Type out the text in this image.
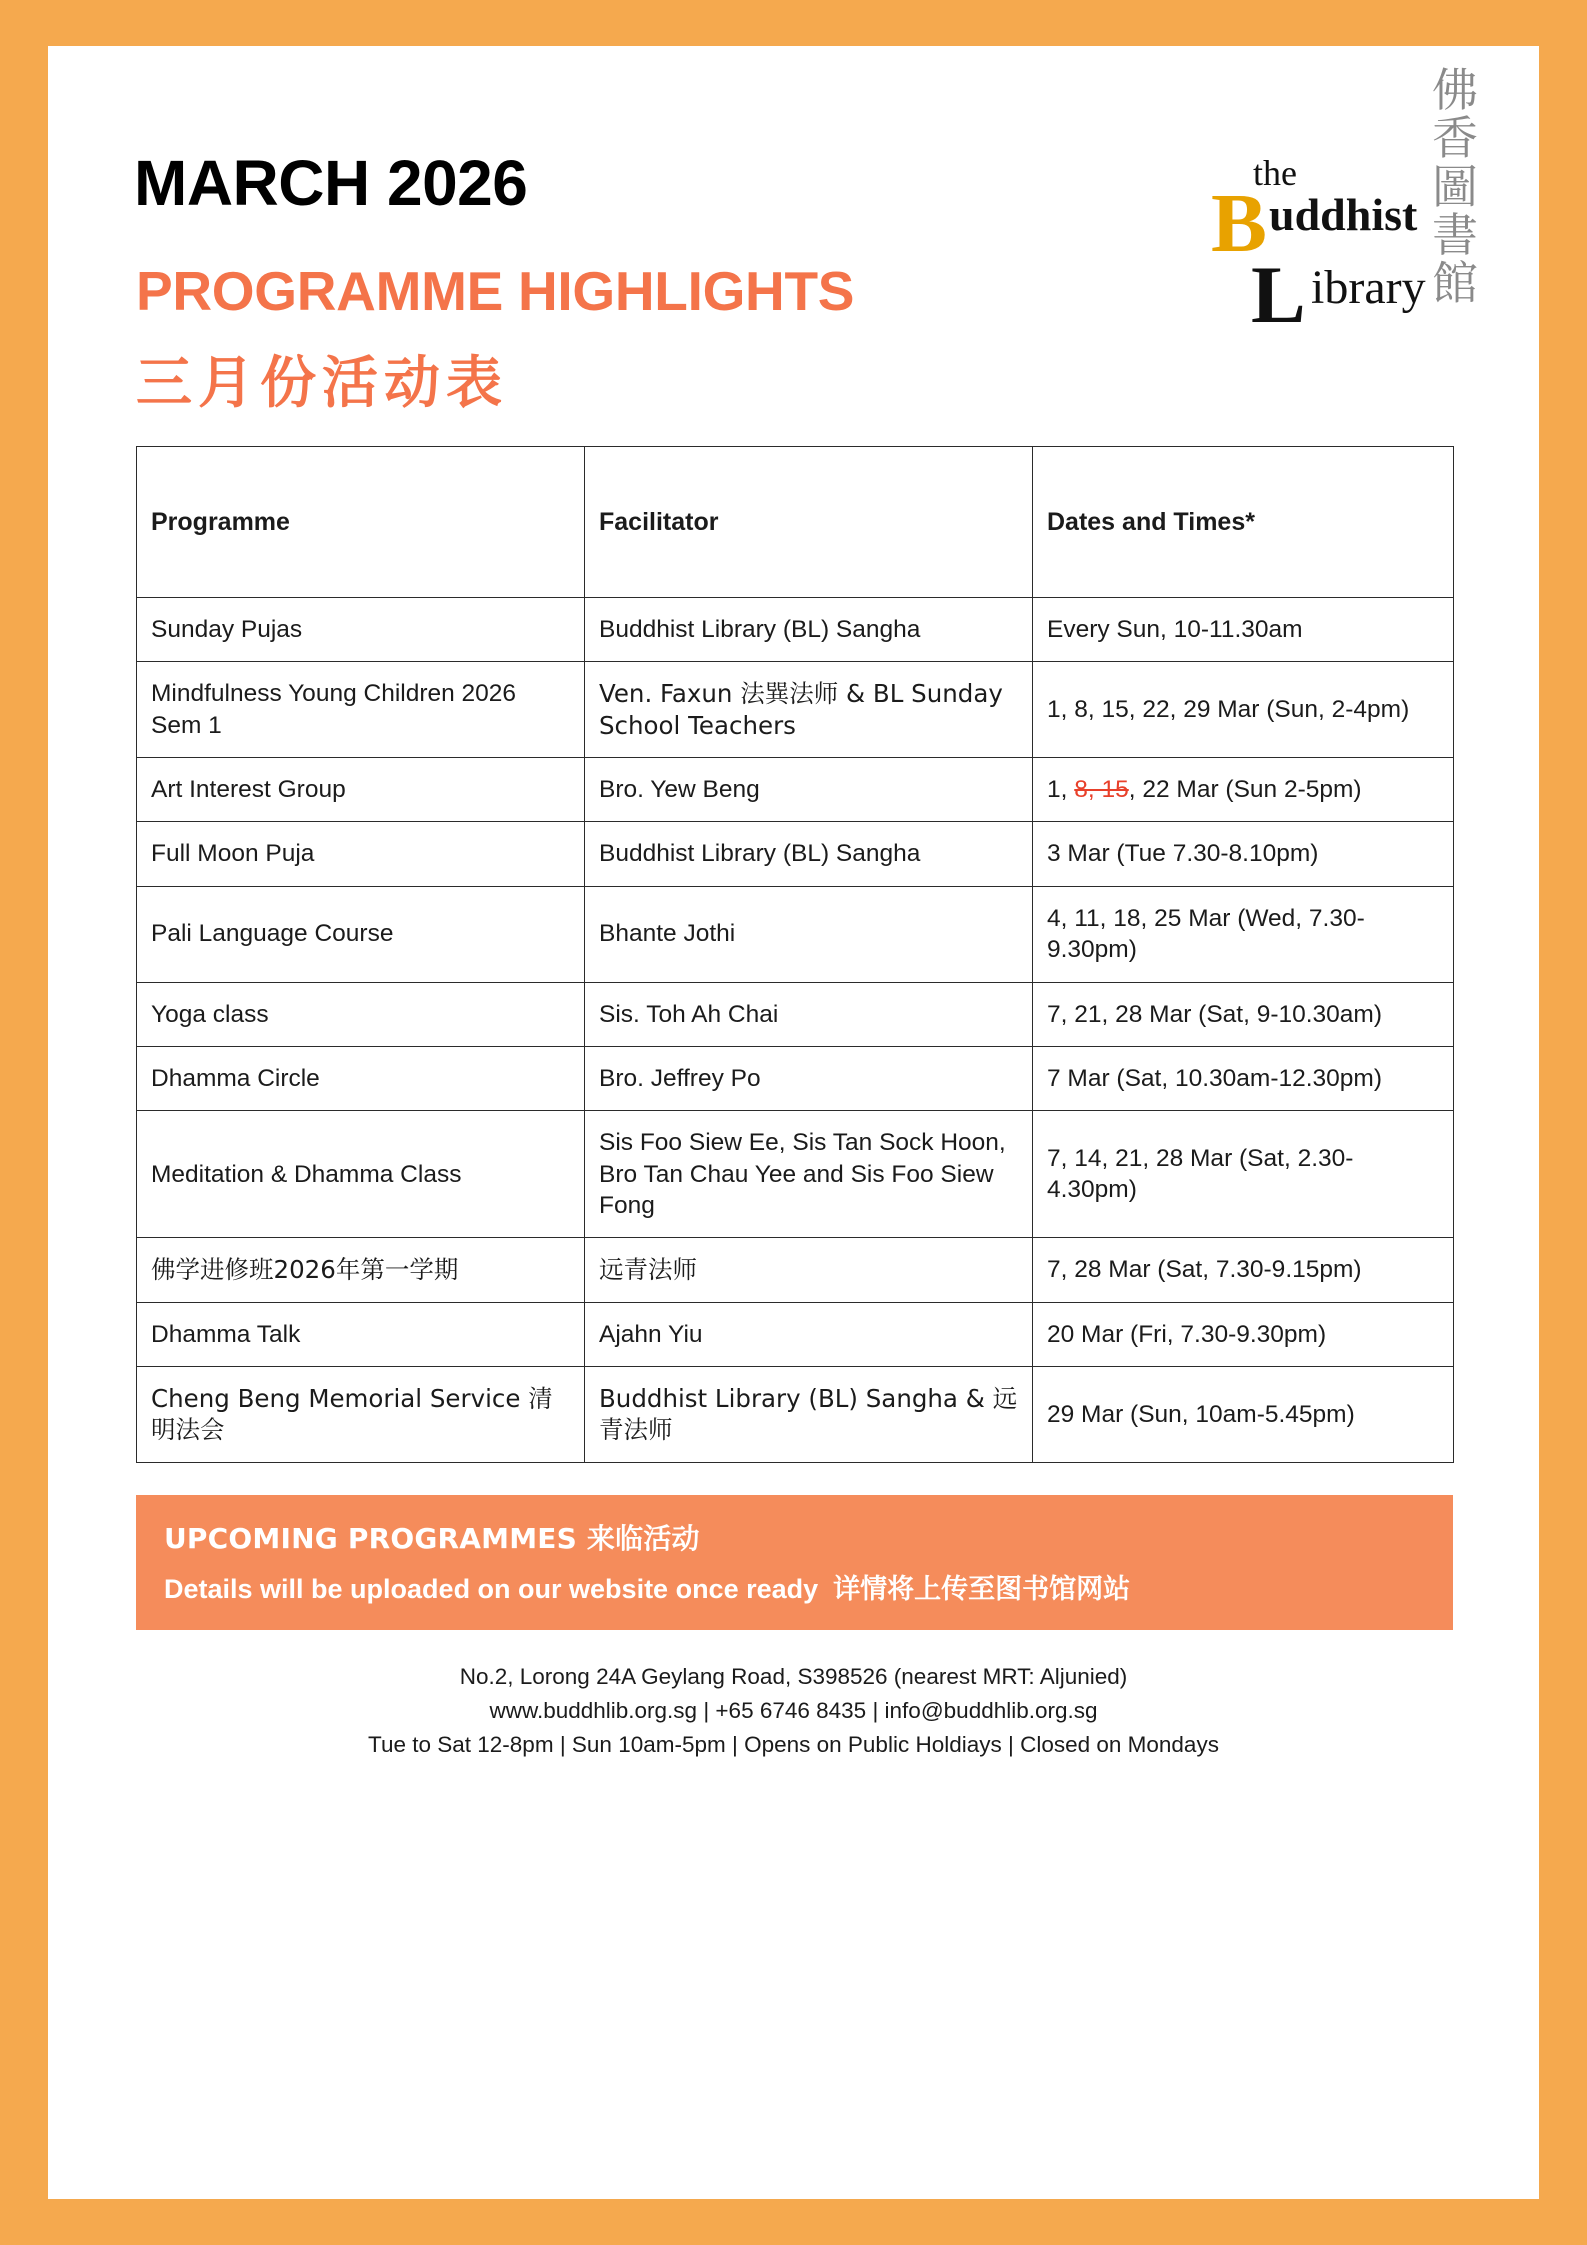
MARCH 2026
PROGRAMME HIGHLIGHTS
三月份活动表
the
B uddhist
L ibrary
佛香圖書館
Programme	Facilitator	Dates and Times*
Sunday Pujas	Buddhist Library (BL) Sangha	Every Sun, 10-11.30am
Mindfulness Young Children 2026 Sem 1	Ven. Faxun 法巽法师 & BL Sunday School Teachers	1, 8, 15, 22, 29 Mar (Sun, 2-4pm)
Art Interest Group	Bro. Yew Beng	1, 8, 15, 22 Mar (Sun 2-5pm)
Full Moon Puja	Buddhist Library (BL) Sangha	3 Mar (Tue 7.30-8.10pm)
Pali Language Course	Bhante Jothi	4, 11, 18, 25 Mar (Wed, 7.30-9.30pm)
Yoga class	Sis. Toh Ah Chai	7, 21, 28 Mar (Sat, 9-10.30am)
Dhamma Circle	Bro. Jeffrey Po	7 Mar (Sat, 10.30am-12.30pm)
Meditation & Dhamma Class	Sis Foo Siew Ee, Sis Tan Sock Hoon, Bro Tan Chau Yee and Sis Foo Siew Fong	7, 14, 21, 28 Mar (Sat, 2.30-4.30pm)
佛学进修班2026年第一学期	远青法师	7, 28 Mar (Sat, 7.30-9.15pm)
Dhamma Talk	Ajahn Yiu	20 Mar (Fri, 7.30-9.30pm)
Cheng Beng Memorial Service 清明法会	Buddhist Library (BL) Sangha & 远青法师	29 Mar (Sun, 10am-5.45pm)
UPCOMING PROGRAMMES 来临活动
Details will be uploaded on our website once ready 详情将上传至图书馆网站
No.2, Lorong 24A Geylang Road, S398526 (nearest MRT: Aljunied)
www.buddhlib.org.sg | +65 6746 8435 | info@buddhlib.org.sg
Tue to Sat 12-8pm | Sun 10am-5pm | Opens on Public Holdiays | Closed on Mondays
